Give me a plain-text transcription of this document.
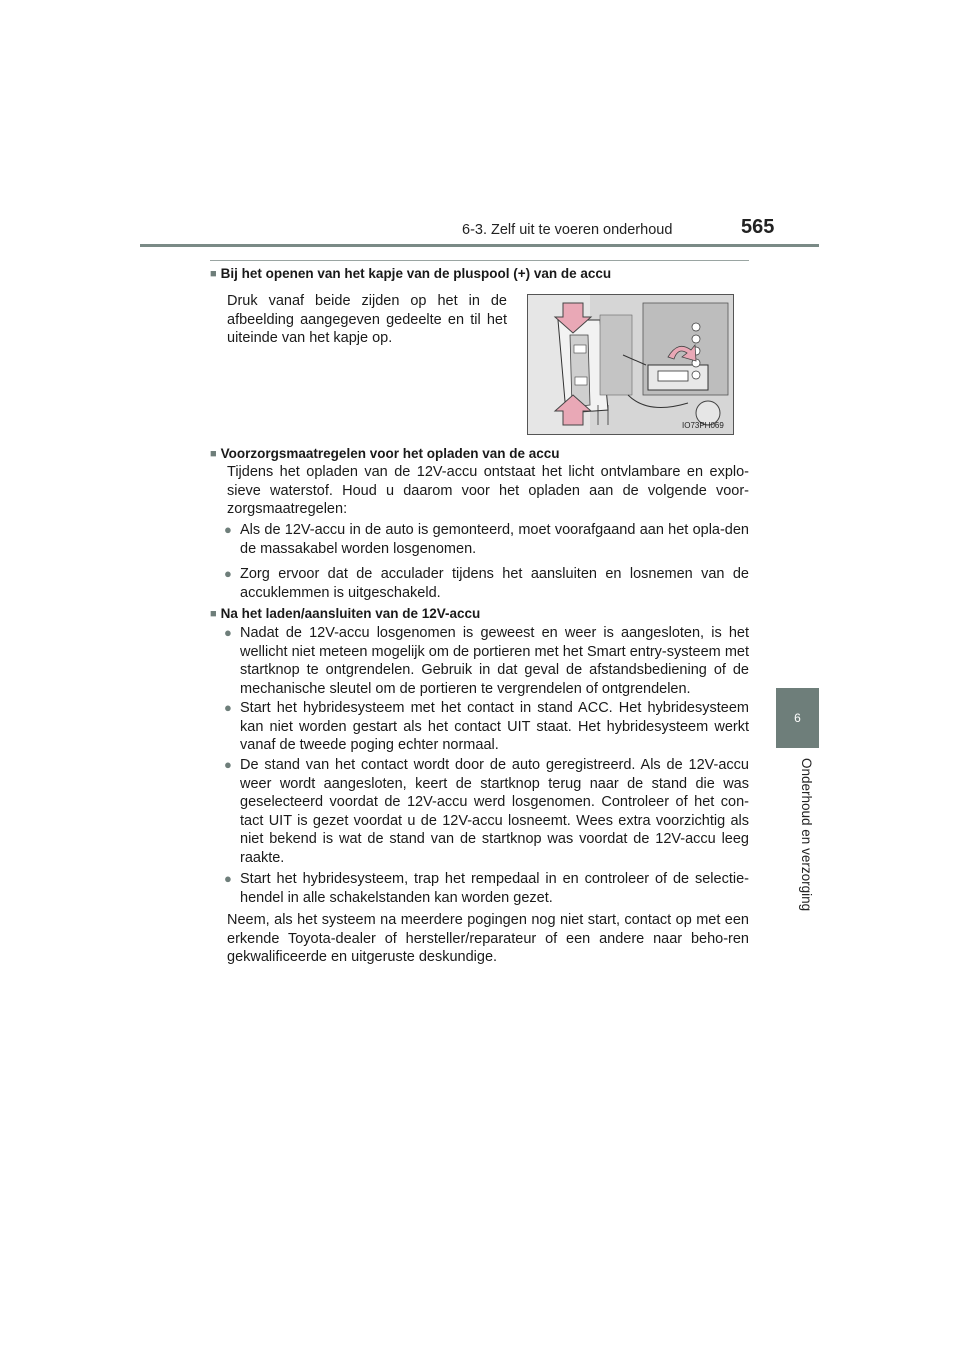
6-3. Zelf uit te voeren onderhoud	565
6
Onderhoud en verzorging
■ Bij het openen van het kapje van de pluspool (+) van de accu
Druk vanaf beide zijden op het in de afbeelding aangegeven gedeelte en til het uiteinde van het kapje op.
IO73PH069
■ Voorzorgsmaatregelen voor het opladen van de accu
Tijdens het opladen van de 12V-accu ontstaat het licht ontvlambare en explo-sieve waterstof. Houd u daarom voor het opladen aan de volgende voor-zorgsmaatregelen:
● Als de 12V-accu in de auto is gemonteerd, moet voorafgaand aan het opla-den de massakabel worden losgenomen.
● Zorg ervoor dat de acculader tijdens het aansluiten en losnemen van de accuklemmen is uitgeschakeld.
■ Na het laden/aansluiten van de 12V-accu
● Nadat de 12V-accu losgenomen is geweest en weer is aangesloten, is het wellicht niet meteen mogelijk om de portieren met het Smart entry-systeem met startknop te ontgrendelen. Gebruik in dat geval de afstandsbediening of de mechanische sleutel om de portieren te vergrendelen of ontgrendelen.
● Start het hybridesysteem met het contact in stand ACC. Het hybridesysteem kan niet worden gestart als het contact UIT staat. Het hybridesysteem werkt vanaf de tweede poging echter normaal.
● De stand van het contact wordt door de auto geregistreerd. Als de 12V-accu weer wordt aangesloten, keert de startknop terug naar de stand die was geselecteerd voordat de 12V-accu werd losgenomen. Controleer of het con-tact UIT is gezet voordat u de 12V-accu losneemt. Wees extra voorzichtig als niet bekend is wat de stand van de startknop was voordat de 12V-accu leeg raakte.
● Start het hybridesysteem, trap het rempedaal in en controleer of de selectie-hendel in alle schakelstanden kan worden gezet.
Neem, als het systeem na meerdere pogingen nog niet start, contact op met een erkende Toyota-dealer of hersteller/reparateur of een andere naar beho-ren gekwalificeerde en uitgeruste deskundige.
